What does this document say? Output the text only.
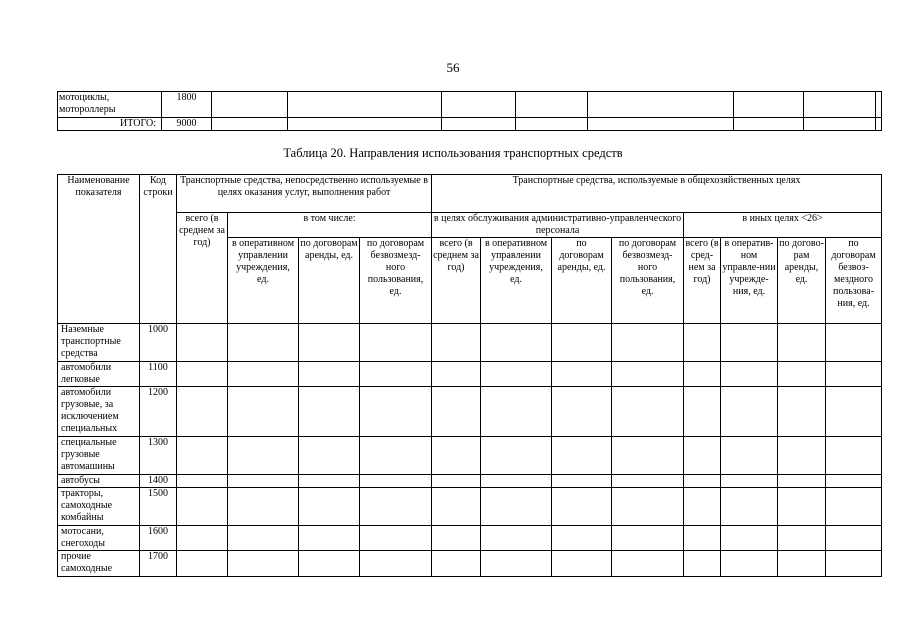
56
мотоциклы,
мотороллеры	1800								
ИТОГО:	9000								
Таблица 20. Направления использования транспортных средств
Наименование показателя	Код строки	Транспортные средства, непосредственно используемые в целях оказания услуг, выполнения работ				Транспортные средства, используемые в общехозяйственных целях							
		всего (в среднем за год)	в том числе:			в целях обслуживания административно-управленческого персонала				в иных целях <26>			
			в оперативном управлении учреждения, ед.	по договорам аренды, ед.	по договорам безвозмезд-ного пользования, ед.	всего (в среднем за год)	в оперативном управлении учреждения, ед.	по договорам аренды, ед.	по договорам безвозмезд-ного пользования, ед.	всего (в сред-нем за год)	в оператив-ном управле-нии учрежде-ния, ед.	по догово-рам аренды, ед.	по договорам безвоз-мездного пользова-ния, ед.
Наземные транспортные средства	1000												
автомобили легковые	1100												
автомобили грузовые, за исключением специальных	1200												
специальные грузовые автомашины	1300												
автобусы	1400												
тракторы, самоходные комбайны	1500												
мотосани, снегоходы	1600												
прочие самоходные	1700												
